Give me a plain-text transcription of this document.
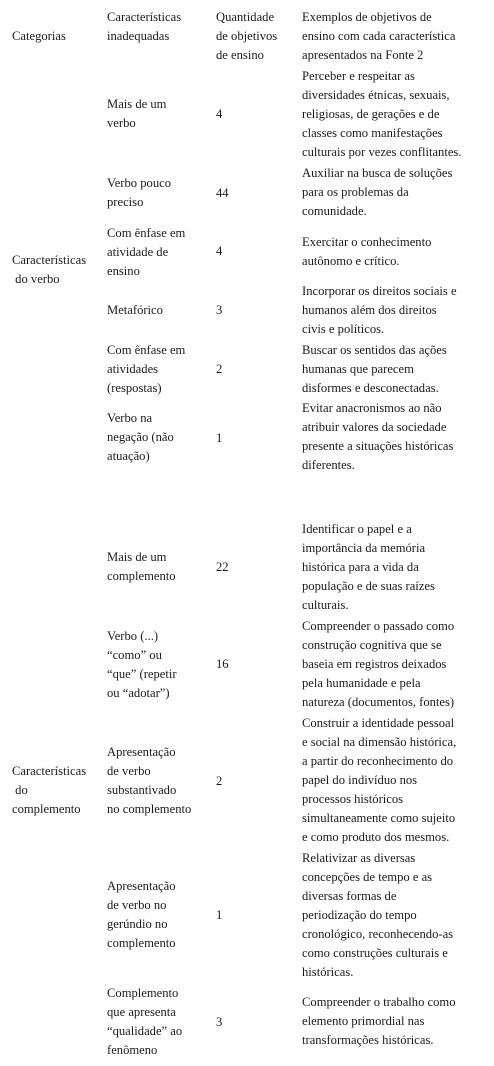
Categorias
Características
inadequadas
Quantidade
de objetivos
de ensino
Exemplos de objetivos de
ensino com cada característica
apresentados na Fonte 2
Características
do verbo
Características
do
complemento
Mais de um
verbo
4
Perceber e respeitar as
diversidades étnicas, sexuais,
religiosas, de gerações e de
classes como manifestações
culturais por vezes conflitantes.
Verbo pouco
preciso
44
Auxiliar na busca de soluções
para os problemas da
comunidade.
Com ênfase em
atividade de
ensino
4
Exercitar o conhecimento
autônomo e crítico.
Metafórico	3
Incorporar os direitos sociais e
humanos além dos direitos
civis e políticos.
Com ênfase em
atividades
(respostas)
2
Buscar os sentidos das ações
humanas que parecem
disformes e desconectadas.
Verbo na
negação (não
atuação)
1
Evitar anacronismos ao não
atribuir valores da sociedade
presente a situações históricas
diferentes.
Mais de um
complemento
22
Identificar o papel e a
importância da memória
histórica para a vida da
população e de suas raízes
culturais.
Verbo (...)
“como” ou
“que” (repetir
ou “adotar”)
16
Compreender o passado como
construção cognitiva que se
baseia em registros deixados
pela humanidade e pela
natureza (documentos, fontes)
Apresentação
de verbo
substantivado
no complemento
2
Construir a identidade pessoal
e social na dimensão histórica,
a partir do reconhecimento do
papel do indivíduo nos
processos históricos
simultaneamente como sujeito
e como produto dos mesmos.
Apresentação
de verbo no
gerúndio no
complemento
1
Relativizar as diversas
concepções de tempo e as
diversas formas de
periodização do tempo
cronológico, reconhecendo-as
como construções culturais e
históricas.
Complemento
que apresenta
“qualidade” ao
fenômeno
3
Compreender o trabalho como
elemento primordial nas
transformações históricas.
